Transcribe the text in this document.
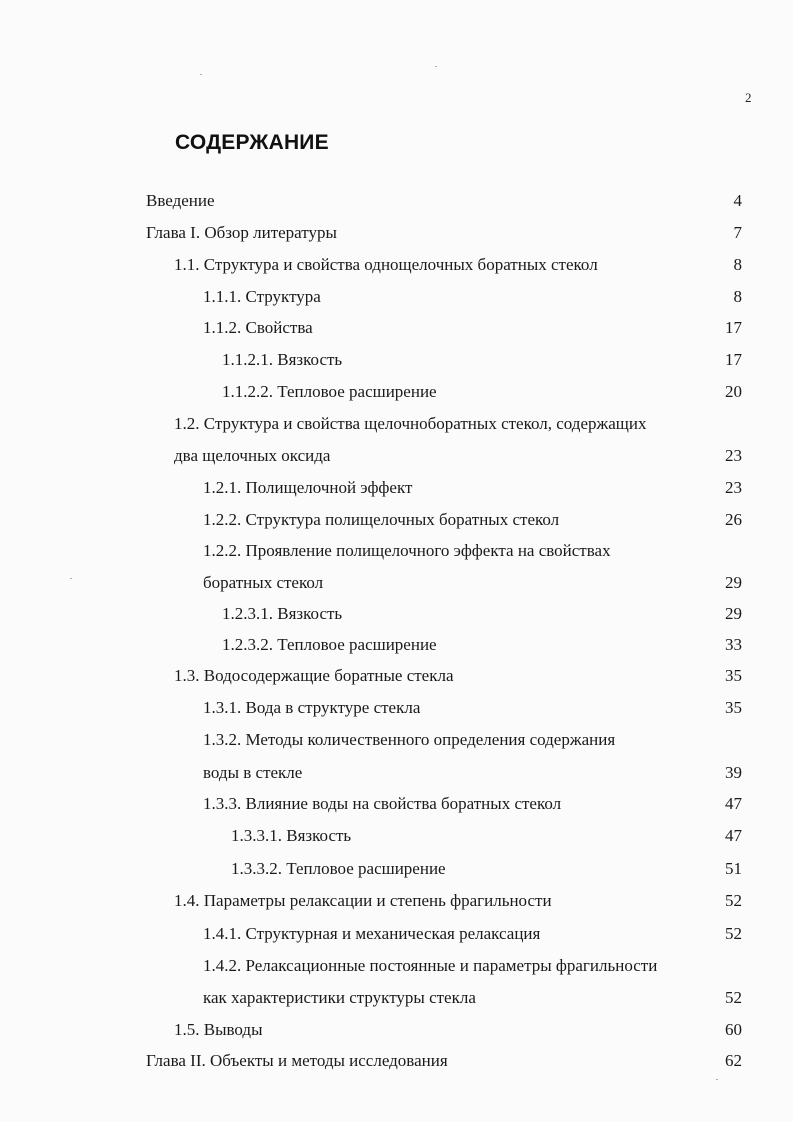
2
СОДЕРЖАНИЕ
Введение	4
Глава I. Обзор литературы	7
1.1. Структура и свойства однощелочных боратных стекол	8
1.1.1. Структура	8
1.1.2. Свойства	17
1.1.2.1. Вязкость	17
1.1.2.2. Тепловое расширение	20
1.2. Структура и свойства щелочноборатных стекол, содержащих
два щелочных оксида	23
1.2.1. Полищелочной эффект	23
1.2.2. Структура полищелочных боратных стекол	26
1.2.2. Проявление полищелочного эффекта на свойствах
боратных стекол	29
1.2.3.1. Вязкость	29
1.2.3.2. Тепловое расширение	33
1.3. Водосодержащие боратные стекла	35
1.3.1. Вода в структуре стекла	35
1.3.2. Методы количественного определения содержания
воды в стекле	39
1.3.3. Влияние воды на свойства боратных стекол	47
1.3.3.1. Вязкость	47
1.3.3.2. Тепловое расширение	51
1.4. Параметры релаксации и степень фрагильности	52
1.4.1. Структурная и механическая релаксация	52
1.4.2. Релаксационные постоянные и параметры фрагильности
как характеристики структуры стекла	52
1.5. Выводы	60
Глава II. Объекты и методы исследования	62
